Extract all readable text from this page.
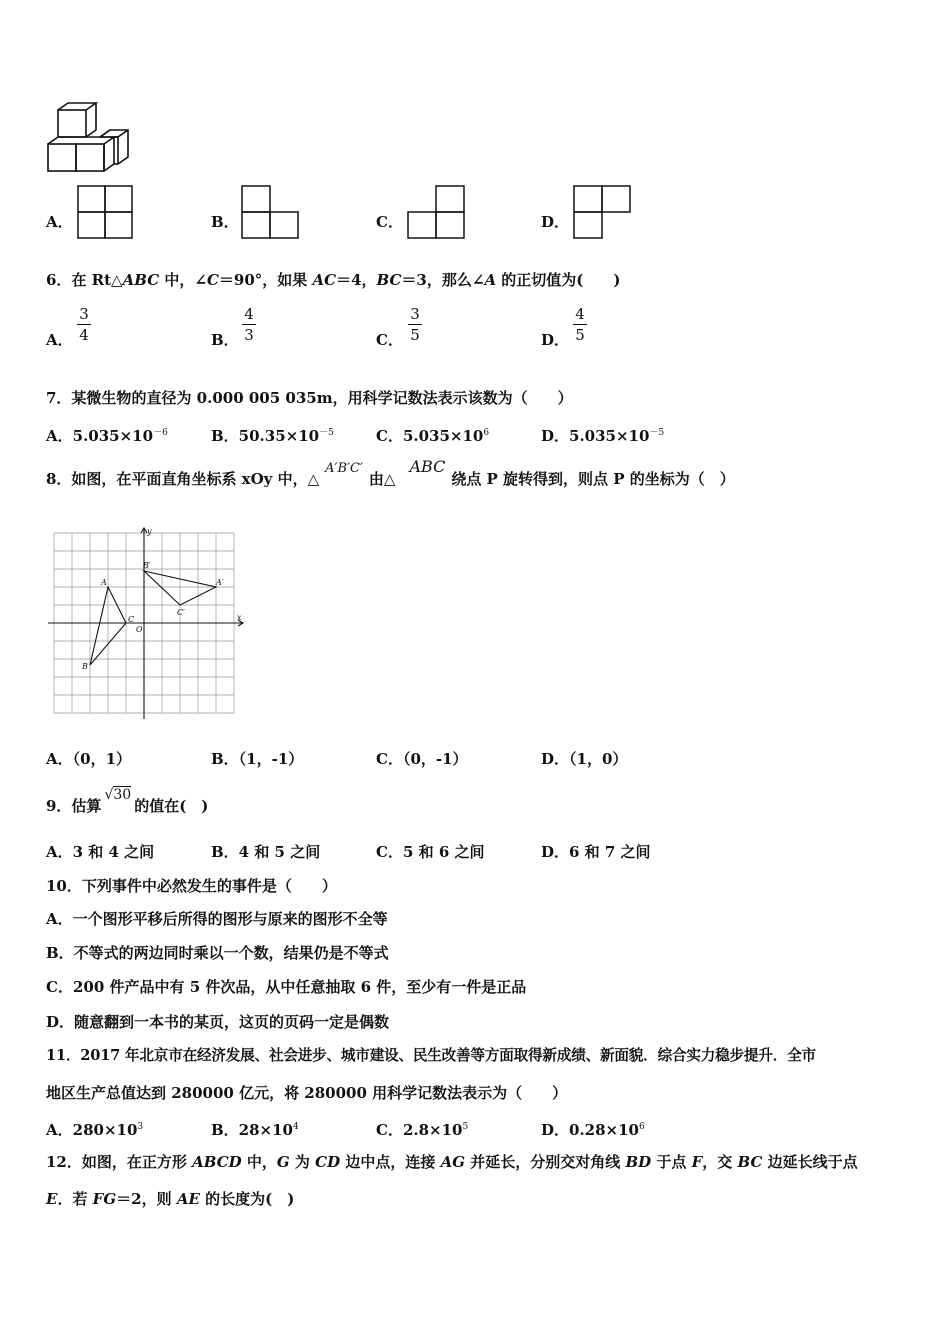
A．	B．	C．	D．
6．在 Rt△ABC 中，∠C＝90°，如果 AC＝4，BC＝3，那么∠A 的正切值为(　　)
A． $\frac{3}{4}$	B． $\frac{4}{3}$	C． $\frac{3}{5}$	D． $\frac{4}{5}$
7．某微生物的直径为 0.000 005 035m，用科学记数法表示该数为（　　）
A．$5.035\times 10^{-6}$	B．$50.35\times 10^{-5}$	C．$5.035\times 10^6$	D．$5.035\times 10^{-5}$
8．如图，在平面直角坐标系 xOy 中，△A′B′C′由△ABC绕点 P 旋转得到，则点 P 的坐标为（　）
y
x
O
A
B
C
A′
B′
C′
A．（0，1）	B．（1，-1）	C．（0，-1）	D．（1，0）
9．估算√30的值在(　)
A．3 和 4 之间	B．4 和 5 之间	C．5 和 6 之间	D．6 和 7 之间
10．下列事件中必然发生的事件是（　　）
A．一个图形平移后所得的图形与原来的图形不全等
B．不等式的两边同时乘以一个数，结果仍是不等式
C．200 件产品中有 5 件次品，从中任意抽取 6 件，至少有一件是正品
D．随意翻到一本书的某页，这页的页码一定是偶数
11．2017 年北京市在经济发展、社会进步、城市建设、民生改善等方面取得新成绩、新面貌．综合实力稳步提升．全市
地区生产总值达到 280000 亿元，将 280000 用科学记数法表示为（　　）
A．$280\times 10^3$	B．$28\times 10^4$	C．$2.8\times 10^5$	D．$0.28\times 10^6$
12．如图，在正方形 ABCD 中，G 为 CD 边中点，连接 AG 并延长，分别交对角线 BD 于点 F，交 BC 边延长线于点
E．若 FG＝2，则 AE 的长度为(　)
